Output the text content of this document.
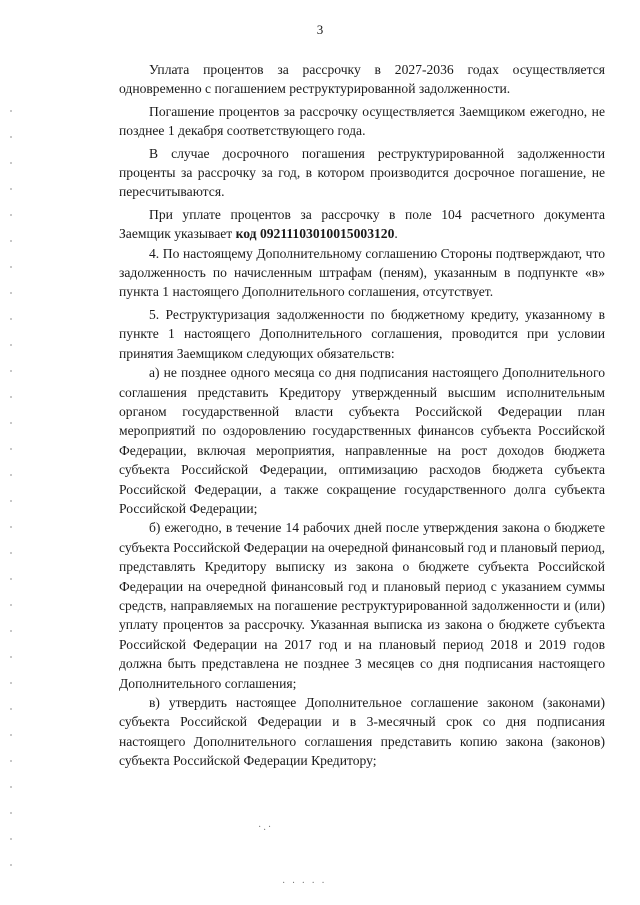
3

Уплата процентов за рассрочку в 2027-2036 годах осуществляется одновременно с погашением реструктурированной задолженности.

Погашение процентов за рассрочку осуществляется Заемщиком ежегодно, не позднее 1 декабря соответствующего года.

В случае досрочного погашения реструктурированной задолженности проценты за рассрочку за год, в котором производится досрочное погашение, не пересчитываются.

При уплате процентов за рассрочку в поле 104 расчетного документа Заемщик указывает код 09211103010015003120.

4. По настоящему Дополнительному соглашению Стороны подтверждают, что задолженность по начисленным штрафам (пеням), указанным в подпункте «в» пункта 1 настоящего Дополнительного соглашения, отсутствует.

5. Реструктуризация задолженности по бюджетному кредиту, указанному в пункте 1 настоящего Дополнительного соглашения, проводится при условии принятия Заемщиком следующих обязательств:

а) не позднее одного месяца со дня подписания настоящего Дополнительного соглашения представить Кредитору утвержденный высшим исполнительным органом государственной власти субъекта Российской Федерации план мероприятий по оздоровлению государственных финансов субъекта Российской Федерации, включая мероприятия, направленные на рост доходов бюджета субъекта Российской Федерации, оптимизацию расходов бюджета субъекта Российской Федерации, а также сокращение государственного долга субъекта Российской Федерации;

б) ежегодно, в течение 14 рабочих дней после утверждения закона о бюджете субъекта Российской Федерации на очередной финансовый год и плановый период, представлять Кредитору выписку из закона о бюджете субъекта Российской Федерации на очередной финансовый год и плановый период с указанием суммы средств, направляемых на погашение реструктурированной задолженности и (или) уплату процентов за рассрочку. Указанная выписка из закона о бюджете субъекта Российской Федерации на 2017 год и на плановый период 2018 и 2019 годов должна быть представлена не позднее 3 месяцев со дня подписания настоящего Дополнительного соглашения;

в) утвердить настоящее Дополнительное соглашение законом (законами) субъекта Российской Федерации и в 3-месячный срок со дня подписания настоящего Дополнительного соглашения представить копию закона (законов) субъекта Российской Федерации Кредитору;

·.·
· · · · ·
